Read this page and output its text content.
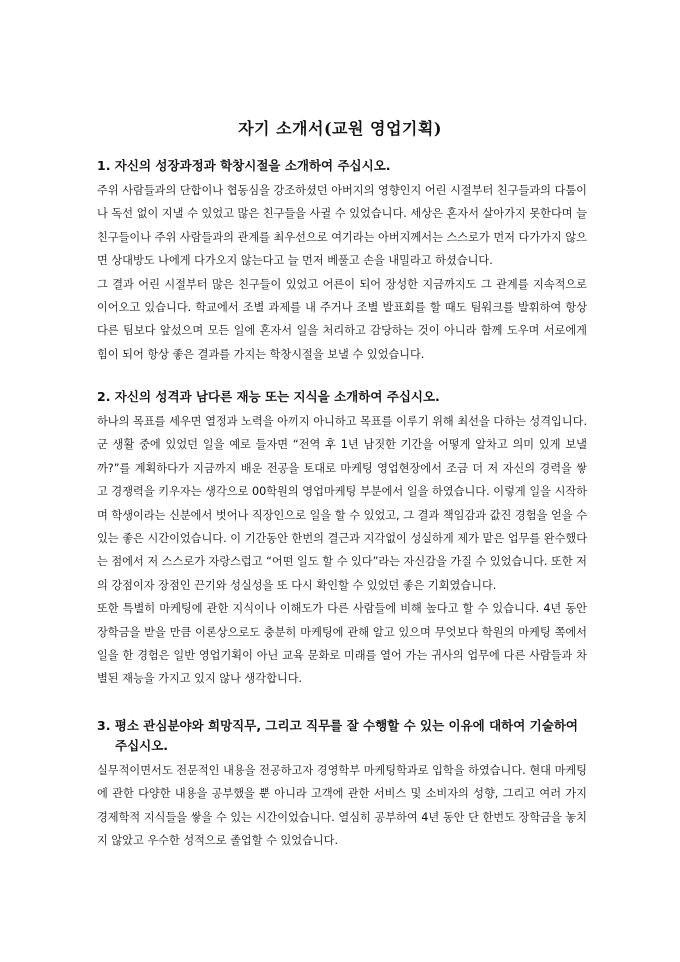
자기 소개서(교원 영업기획)
1. 자신의 성장과정과 학창시절을 소개하여 주십시오.

주위 사람들과의 단합이나 협동심을 강조하셨던 아버지의 영향인지 어린 시절부터 친구들과의 다툼이나 독선 없이 지낼 수 있었고 많은 친구들을 사귈 수 있었습니다. 세상은 혼자서 살아가지 못한다며 늘 친구들이나 주위 사람들과의 관계를 최우선으로 여기라는 아버지께서는 스스로가 먼저 다가가지 않으면 상대방도 나에게 다가오지 않는다고 늘 먼저 베풀고 손을 내밀라고 하셨습니다.

그 결과 어린 시절부터 많은 친구들이 있었고 어른이 되어 장성한 지금까지도 그 관계를 지속적으로 이어오고 있습니다. 학교에서 조별 과제를 내 주거나 조별 발표회를 할 때도 팀워크를 발휘하여 항상 다른 팀보다 앞섰으며 모든 일에 혼자서 일을 처리하고 감당하는 것이 아니라 함께 도우며 서로에게 힘이 되어 항상 좋은 결과를 가지는 학창시절을 보낼 수 있었습니다.

2. 자신의 성격과 남다른 재능 또는 지식을 소개하여 주십시오.

하나의 목표를 세우면 열정과 노력을 아끼지 아니하고 목표를 이루기 위해 최선을 다하는 성격입니다. 군 생활 중에 있었던 일을 예로 들자면 “전역 후 1년 남짓한 기간을 어떻게 알차고 의미 있게 보낼까?”를 계획하다가 지금까지 배운 전공을 토대로 마케팅 영업현장에서 조금 더 저 자신의 경력을 쌓고 경쟁력을 키우자는 생각으로 00학원의 영업마케팅 부분에서 일을 하였습니다. 이렇게 일을 시작하며 학생이라는 신분에서 벗어나 직장인으로 일을 할 수 있었고, 그 결과 책임감과 값진 경험을 얻을 수 있는 좋은 시간이었습니다. 이 기간동안 한번의 결근과 지각없이 성실하게 제가 맡은 업무를 완수했다는 점에서 저 스스로가 자랑스럽고 “어떤 일도 할 수 있다”라는 자신감을 가질 수 있었습니다. 또한 저의 강점이자 장점인 끈기와 성실성을 또 다시 확인할 수 있었던 좋은 기회였습니다.

또한 특별히 마케팅에 관한 지식이나 이해도가 다른 사람들에 비해 높다고 할 수 있습니다. 4년 동안 장학금을 받을 만큼 이론상으로도 충분히 마케팅에 관해 알고 있으며 무엇보다 학원의 마케팅 쪽에서 일을 한 경험은 일반 영업기획이 아닌 교육 문화로 미래를 열어 가는 귀사의 업무에 다른 사람들과 차별된 재능을 가지고 있지 않나 생각합니다.

3. 평소 관심분야와 희망직무, 그리고 직무를 잘 수행할 수 있는 이유에 대하여 기술하여 주십시오.

실무적이면서도 전문적인 내용을 전공하고자 경영학부 마케팅학과로 입학을 하였습니다. 현대 마케팅에 관한 다양한 내용을 공부했을 뿐 아니라 고객에 관한 서비스 및 소비자의 성향, 그리고 여러 가지 경제학적 지식들을 쌓을 수 있는 시간이었습니다. 열심히 공부하여 4년 동안 단 한번도 장학금을 놓치지 않았고 우수한 성적으로 졸업할 수 있었습니다.
